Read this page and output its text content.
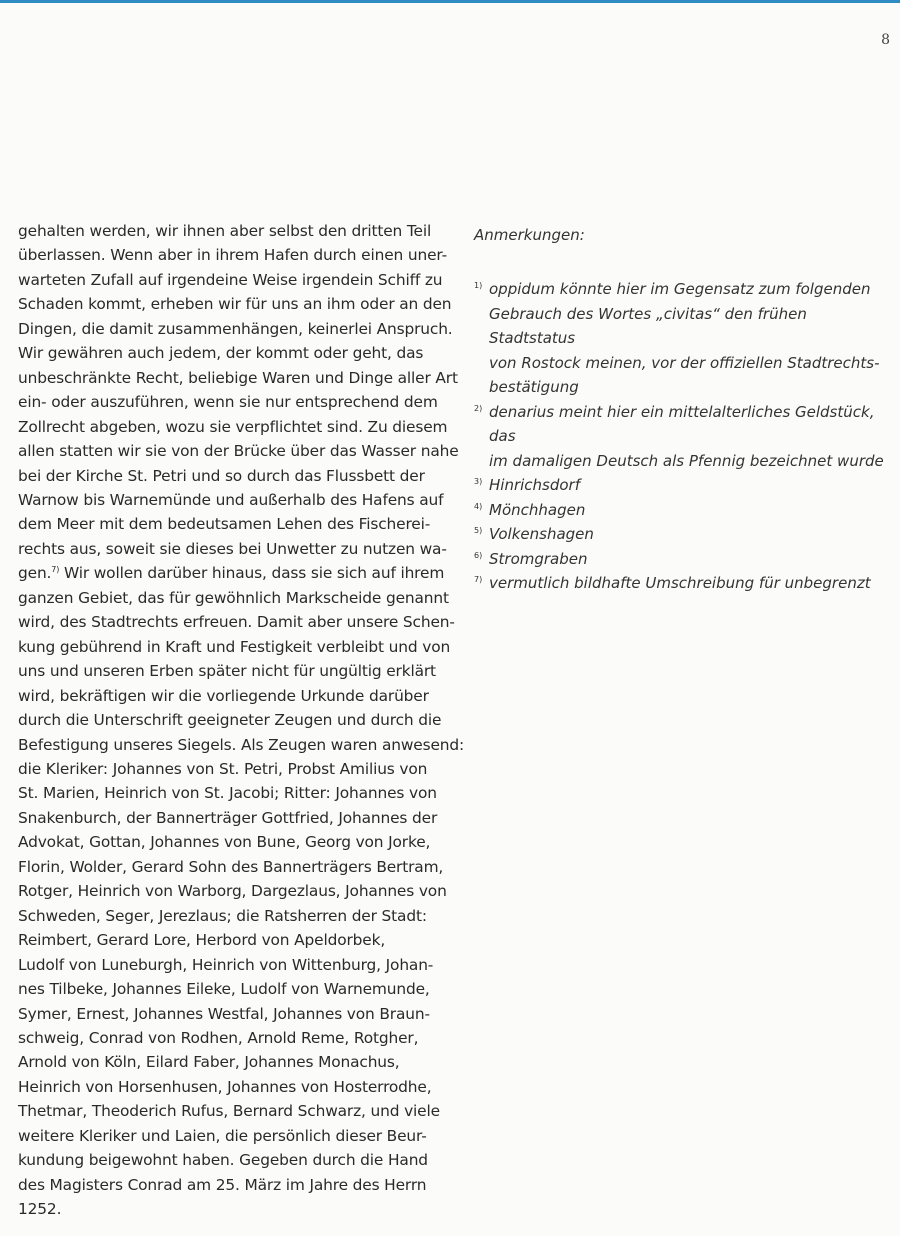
8
gehalten werden, wir ihnen aber selbst den dritten Teil
überlassen. Wenn aber in ihrem Hafen durch einen uner-
warteten Zufall auf irgendeine Weise irgendein Schiff zu
Schaden kommt, erheben wir für uns an ihm oder an den
Dingen, die damit zusammenhängen, keinerlei Anspruch.
Wir gewähren auch jedem, der kommt oder geht, das
unbeschränkte Recht, beliebige Waren und Dinge aller Art
ein- oder auszuführen, wenn sie nur entsprechend dem
Zollrecht abgeben, wozu sie verpflichtet sind. Zu diesem
allen statten wir sie von der Brücke über das Wasser nahe
bei der Kirche St. Petri und so durch das Flussbett der
Warnow bis Warnemünde und außerhalb des Hafens auf
dem Meer mit dem bedeutsamen Lehen des Fischerei-
rechts aus, soweit sie dieses bei Unwetter zu nutzen wa-
gen.$^{7)}$ Wir wollen darüber hinaus, dass sie sich auf ihrem
ganzen Gebiet, das für gewöhnlich Markscheide genannt
wird, des Stadtrechts erfreuen. Damit aber unsere Schen-
kung gebührend in Kraft und Festigkeit verbleibt und von
uns und unseren Erben später nicht für ungültig erklärt
wird, bekräftigen wir die vorliegende Urkunde darüber
durch die Unterschrift geeigneter Zeugen und durch die
Befestigung unseres Siegels. Als Zeugen waren anwesend:
die Kleriker: Johannes von St. Petri, Probst Amilius von
St. Marien, Heinrich von St. Jacobi; Ritter: Johannes von
Snakenburch, der Bannerträger Gottfried, Johannes der
Advokat, Gottan, Johannes von Bune, Georg von Jorke,
Florin, Wolder, Gerard Sohn des Bannerträgers Bertram,
Rotger, Heinrich von Warborg, Dargezlaus, Johannes von
Schweden, Seger, Jerezlaus; die Ratsherren der Stadt:
Reimbert, Gerard Lore, Herbord von Apeldorbek,
Ludolf von Luneburgh, Heinrich von Wittenburg, Johan-
nes Tilbeke, Johannes Eileke, Ludolf von Warnemunde,
Symer, Ernest, Johannes Westfal, Johannes von Braun-
schweig, Conrad von Rodhen, Arnold Reme, Rotgher,
Arnold von Köln, Eilard Faber, Johannes Monachus,
Heinrich von Horsenhusen, Johannes von Hosterrodhe,
Thetmar, Theoderich Rufus, Bernard Schwarz, und viele
weitere Kleriker und Laien, die persönlich dieser Beur-
kundung beigewohnt haben. Gegeben durch die Hand
des Magisters Conrad am 25. März im Jahre des Herrn
1252.
Anmerkungen:
1) oppidum könnte hier im Gegensatz zum folgenden
Gebrauch des Wortes „civitas“ den frühen Stadtstatus
von Rostock meinen, vor der offiziellen Stadtrechts-
bestätigung
2) denarius meint hier ein mittelalterliches Geldstück, das
im damaligen Deutsch als Pfennig bezeichnet wurde
3) Hinrichsdorf
4) Mönchhagen
5) Volkenshagen
6) Stromgraben
7) vermutlich bildhafte Umschreibung für unbegrenzt
